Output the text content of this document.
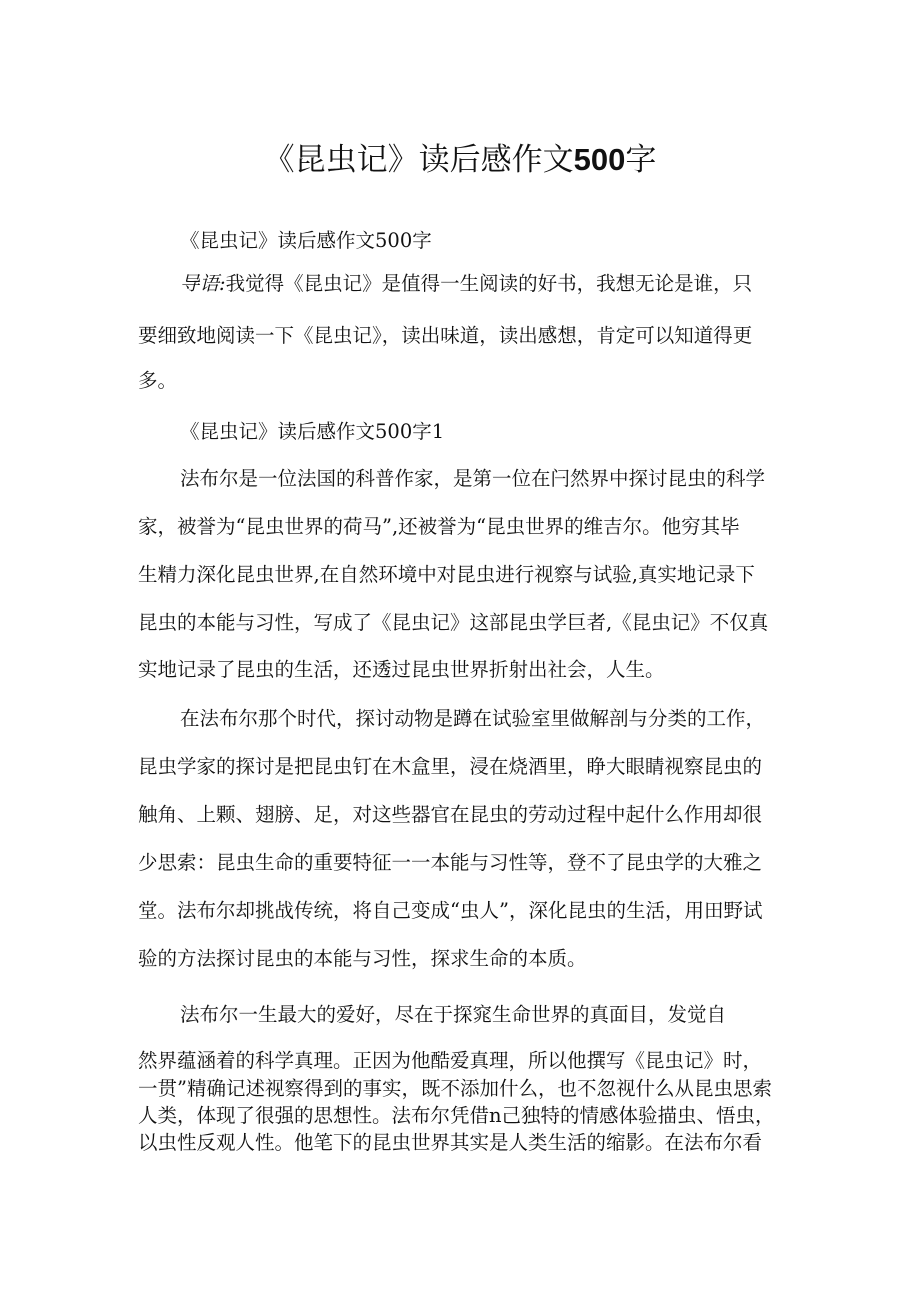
《昆虫记》读后感作文500字
《昆虫记》读后感作文500字
导语:我觉得《昆虫记》是值得一生阅读的好书，我想无论是谁，只
要细致地阅读一下《昆虫记》，读出味道，读出感想，肯定可以知道得更
多。
《昆虫记》读后感作文500字1
法布尔是一位法国的科普作家，是第一位在闩然界中探讨昆虫的科学
家，被誉为“昆虫世界的荷马”,还被誉为“昆虫世界的维吉尔。他穷其毕
生精力深化昆虫世界,在自然环境中对昆虫进行视察与试验,真实地记录下
昆虫的本能与习性，写成了《昆虫记》这部昆虫学巨者,《昆虫记》不仅真
实地记录了昆虫的生活，还透过昆虫世界折射出社会，人生。
在法布尔那个时代，探讨动物是蹲在试验室里做解剖与分类的工作，
昆虫学家的探讨是把昆虫钉在木盒里，浸在烧酒里，睁大眼睛视察昆虫的
触角、上颗、翅膀、足，对这些器官在昆虫的劳动过程中起什么作用却很
少思索：昆虫生命的重要特征一一本能与习性等，登不了昆虫学的大雅之
堂。法布尔却挑战传统，将自己变成“虫人”，深化昆虫的生活，用田野试
验的方法探讨昆虫的本能与习性，探求生命的本质。
法布尔一生最大的爱好，尽在于探窕生命世界的真面目，发觉自
然界蕴涵着的科学真理。正因为他酷爱真理，所以他撰写《昆虫记》时，
一贯”精确记述视察得到的事实，既不添加什么，也不忽视什么从昆虫思索
人类，体现了很强的思想性。法布尔凭借n己独特的情感体验描虫、悟虫，
以虫性反观人性。他笔下的昆虫世界其实是人类生活的缩影。在法布尔看
